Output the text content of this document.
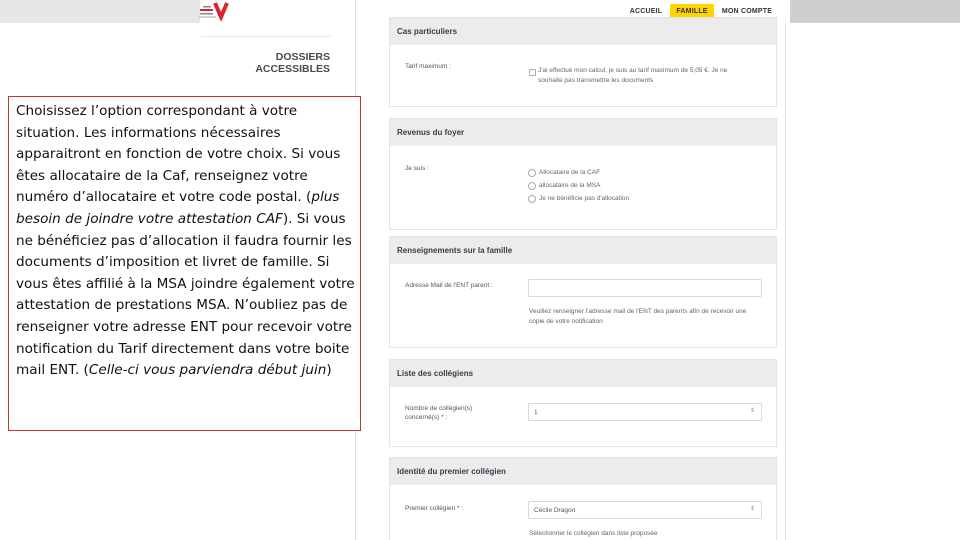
ACCUEIL	FAMILLE	MON COMPTE
DOSSIERS
ACCESSIBLES
Cas particuliers
Tarif maximum :
J'ai effectué mon calcul, je suis au tarif maximum de 5,05 €. Je ne
souhaite pas transmettre les documents
Revenus du foyer
Je suis :
Allocataire de la CAF
allocataire de la MSA
Je ne bénéficie pas d'allocation
Renseignements sur la famille
Adresse Mail de l'ENT parent :
Veuillez renseigner l'adresse mail de l'ENT des parents afin de recevoir une
copie de votre notification
Liste des collégiens
Nombre de collégien(s)
concerné(s) * :
1	⇕
Identité du premier collégien
Premier collégien * :	Cécile Dragon	⇕
Sélectionner le collégien dans liste proposée
Choisissez l’option correspondant à votre situation. Les informations nécessaires apparaitront en fonction de votre choix. Si vous êtes allocataire de la Caf, renseignez votre numéro d’allocataire et votre code postal. (plus besoin de joindre votre attestation CAF). Si vous ne bénéficiez pas d’allocation il faudra fournir les documents d’imposition et livret de famille. Si vous êtes affilié à la MSA joindre également votre attestation de prestations MSA. N’oubliez pas de renseigner votre adresse ENT pour recevoir votre notification du Tarif directement dans votre boite mail ENT. (Celle-ci vous parviendra début juin)
